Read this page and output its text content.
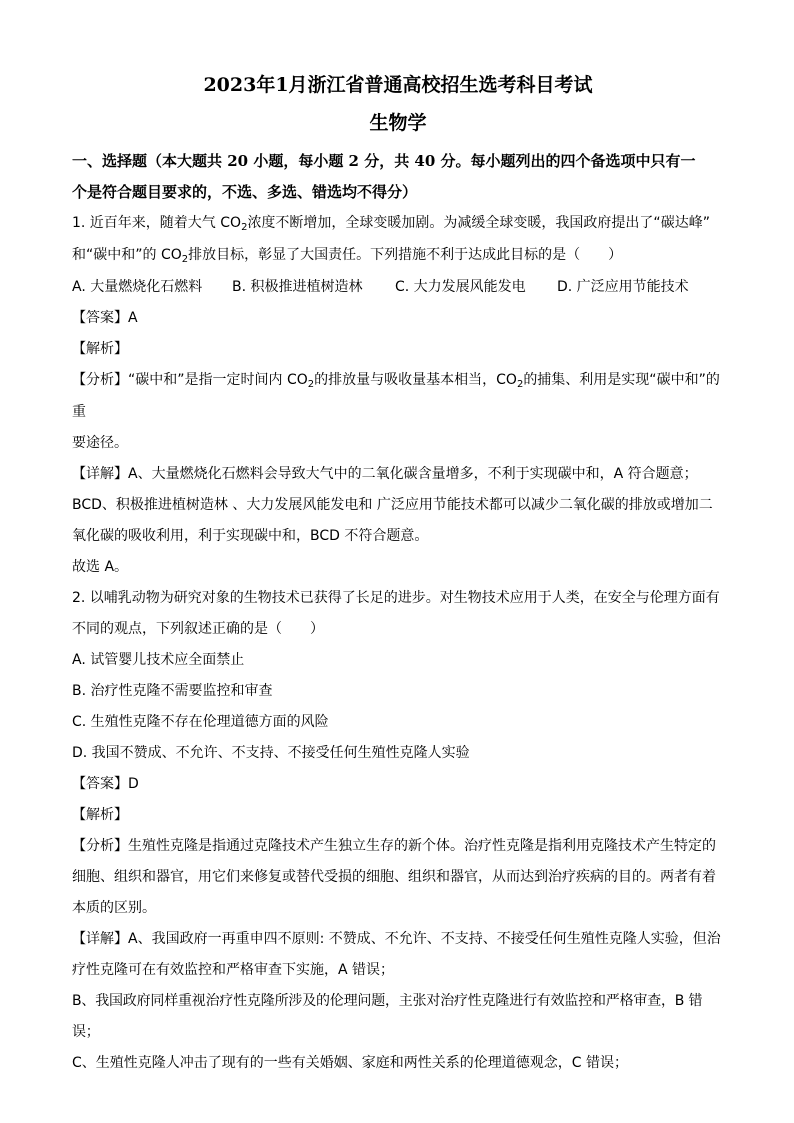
2023年1月浙江省普通高校招生选考科目考试
生物学

一、选择题（本大题共 20 小题，每小题 2 分，共 40 分。每小题列出的四个备选项中只有一

个是符合题目要求的，不选、多选、错选均不得分）

1. 近百年来，随着大气 $CO_2$浓度不断增加，全球变暖加剧。为减缓全球变暖，我国政府提出了“碳达峰”

和“碳中和”的 $CO_2$排放目标，彰显了大国责任。下列措施不利于达成此目标的是（　　）

A. 大量燃烧化石燃料	B. 积极推进植树造林	C. 大力发展风能发电	D. 广泛应用节能技术

【答案】A

【解析】

【分析】“碳中和”是指一定时间内 $CO_2$的排放量与吸收量基本相当，$CO_2$的捕集、利用是实现“碳中和”的重

要途径。

【详解】A、大量燃烧化石燃料会导致大气中的二氧化碳含量增多，不利于实现碳中和，A 符合题意；

BCD、积极推进植树造林 、大力发展风能发电和 广泛应用节能技术都可以减少二氧化碳的排放或增加二

氧化碳的吸收利用，利于实现碳中和，BCD 不符合题意。

故选 A。

2. 以哺乳动物为研究对象的生物技术已获得了长足的进步。对生物技术应用于人类，在安全与伦理方面有

不同的观点，下列叙述正确的是（　　）

A. 试管婴儿技术应全面禁止

B. 治疗性克隆不需要监控和审查

C. 生殖性克隆不存在伦理道德方面的风险

D. 我国不赞成、不允许、不支持、不接受任何生殖性克隆人实验

【答案】D

【解析】

【分析】生殖性克隆是指通过克隆技术产生独立生存的新个体。治疗性克隆是指利用克隆技术产生特定的

细胞、组织和器官，用它们来修复或替代受损的细胞、组织和器官，从而达到治疗疾病的目的。两者有着

本质的区别。

【详解】A、我国政府一再重申四不原则: 不赞成、不允许、不支持、不接受任何生殖性克隆人实验，但治

疗性克隆可在有效监控和严格审查下实施，A 错误；

B、我国政府同样重视治疗性克隆所涉及的伦理问题，主张对治疗性克隆进行有效监控和严格审查，B 错误；

C、生殖性克隆人冲击了现有的一些有关婚姻、家庭和两性关系的伦理道德观念，C 错误；
